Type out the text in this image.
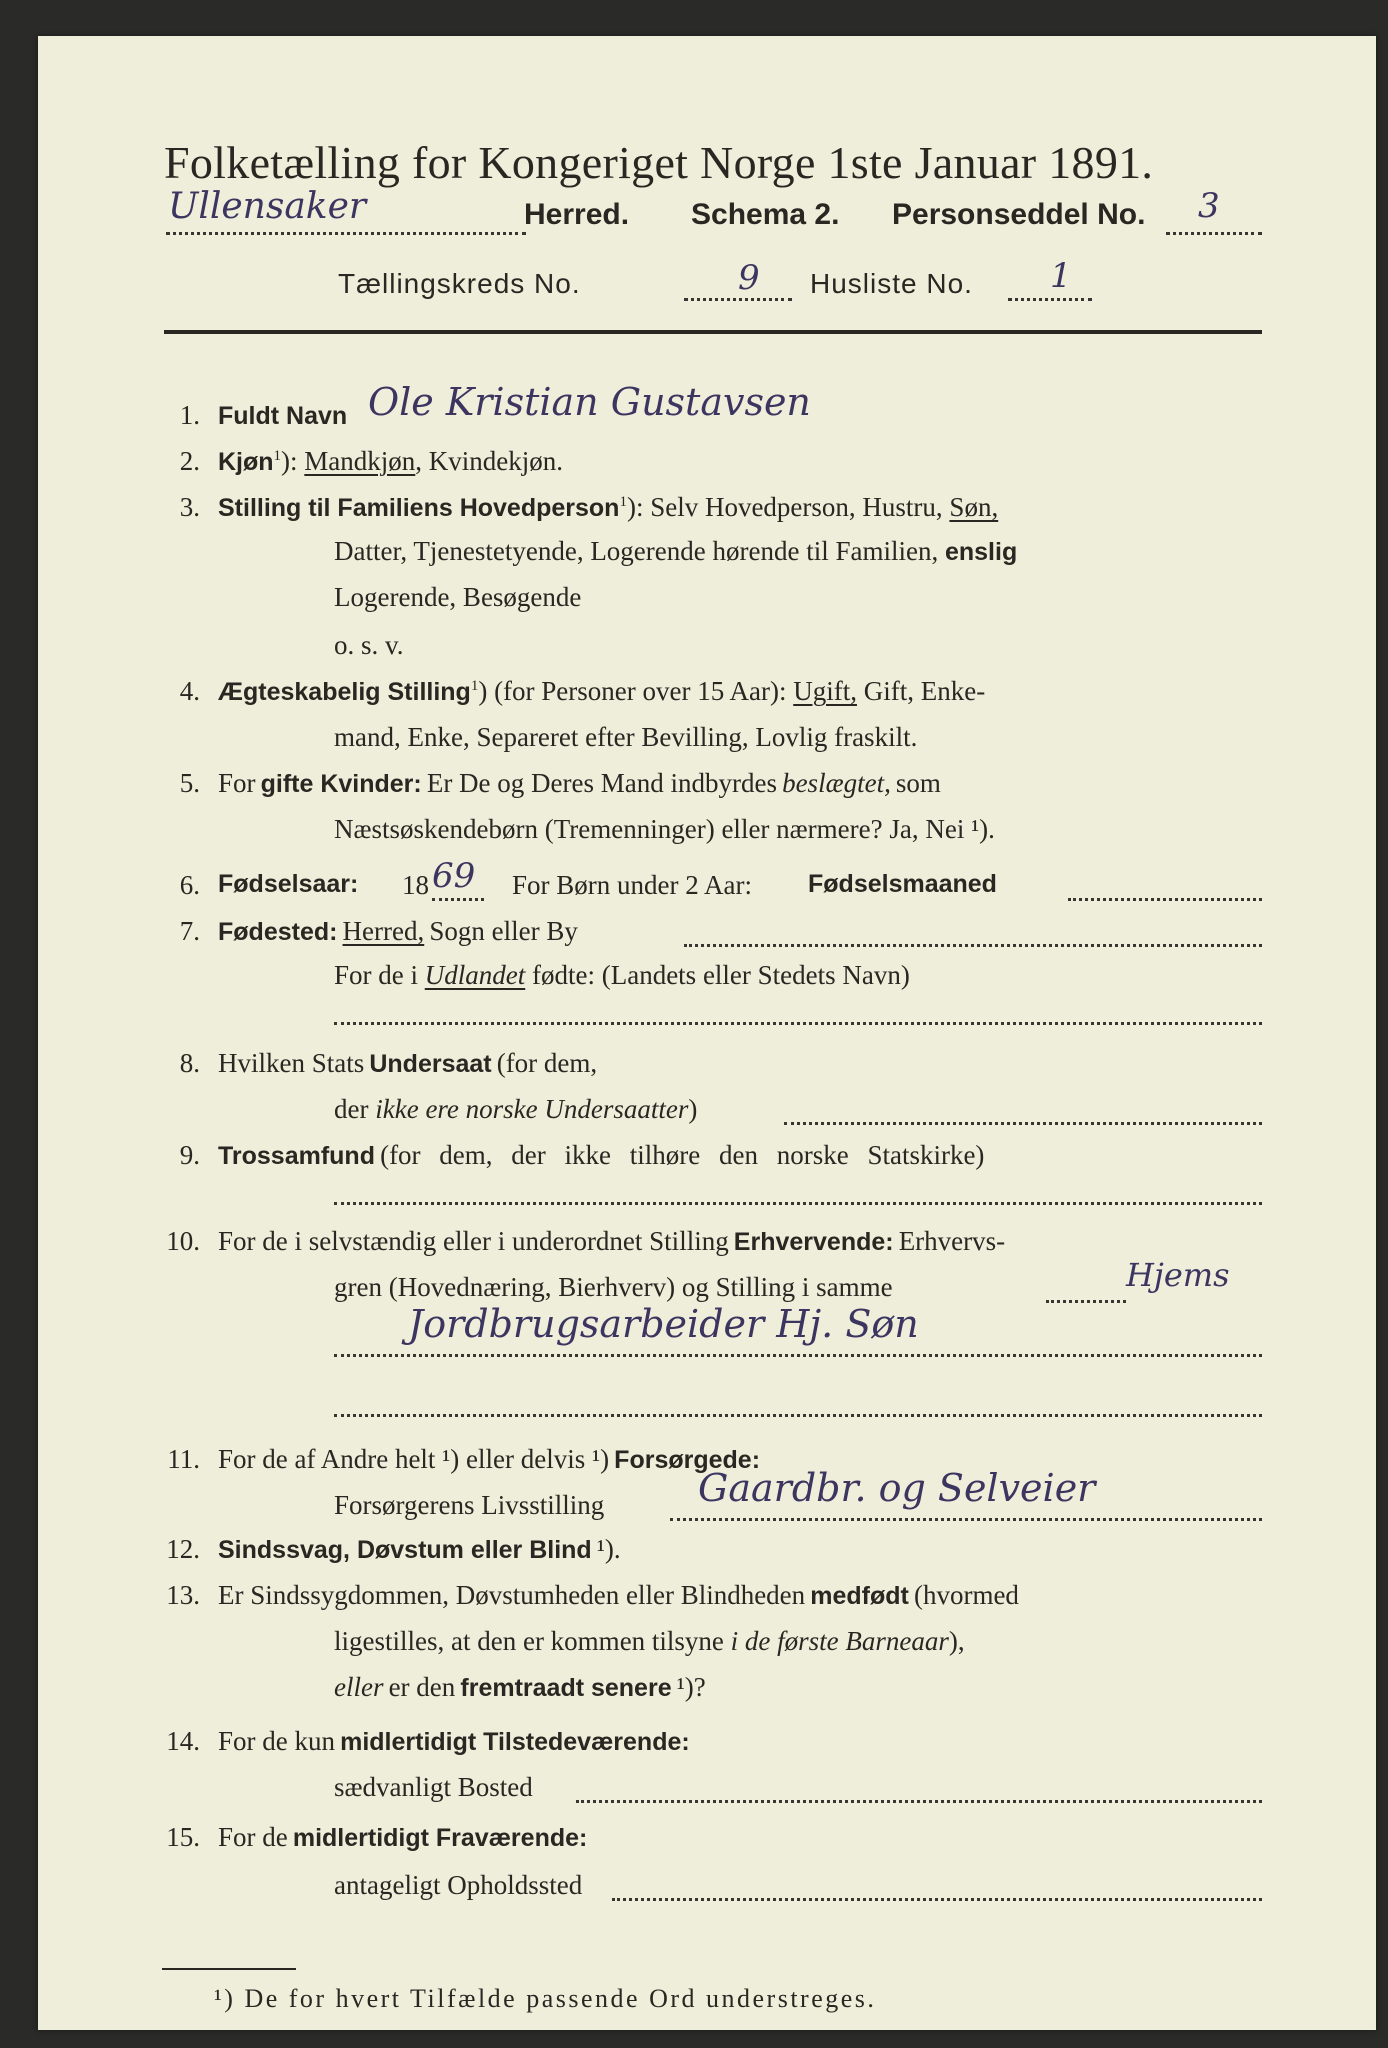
Folketælling for Kongeriget Norge 1ste Januar 1891.
Ullensaker	Herred. Schema 2. Personseddel No. 3
Tællingskreds No.	9 Husliste No. 1
1. Fuldt Navn Ole Kristian Gustavsen
2. Kjøn$^1$): Mandkjøn, Kvindekjøn.
3. Stilling til Familiens Hovedperson$^1$): Selv Hovedperson, Hustru, Søn,
Datter, Tjenestetyende, Logerende hørende til Familien, enslig
Logerende, Besøgende
o. s. v.
4. Ægteskabelig Stilling$^1$) (for Personer over 15 Aar): Ugift, Gift, Enke-
mand, Enke, Separeret efter Bevilling, Lovlig fraskilt.
5. For gifte Kvinder: Er De og Deres Mand indbyrdes beslægtet, som
Næstsøskendebørn (Tremenninger) eller nærmere? Ja, Nei ¹).
6. Fødselsaar: 18 69 For Børn under 2 Aar: Fødselsmaaned
7. Fødested: Herred, Sogn eller By
For de i Udlandet fødte: (Landets eller Stedets Navn)
8. Hvilken Stats Undersaat (for dem,
der ikke ere norske Undersaatter)
9. Trossamfund (for dem, der ikke tilhøre den norske Statskirke)
10. For de i selvstændig eller i underordnet Stilling Erhvervende: Erhvervs-
gren (Hovednæring, Bierhverv) og Stilling i samme	Hjems
Jordbrugsarbeider Hj. Søn
11. For de af Andre helt ¹) eller delvis ¹) Forsørgede:
Forsørgerens Livsstilling Gaardbr. og Selveier
12. Sindssvag, Døvstum eller Blind ¹).
13. Er Sindssygdommen, Døvstumheden eller Blindheden medfødt (hvormed
ligestilles, at den er kommen tilsyne i de første Barneaar),
eller er den fremtraadt senere ¹)?
14. For de kun midlertidigt Tilstedeværende:
sædvanligt Bosted
15. For de midlertidigt Fraværende:
antageligt Opholdssted
¹) De for hvert Tilfælde passende Ord understreges.
